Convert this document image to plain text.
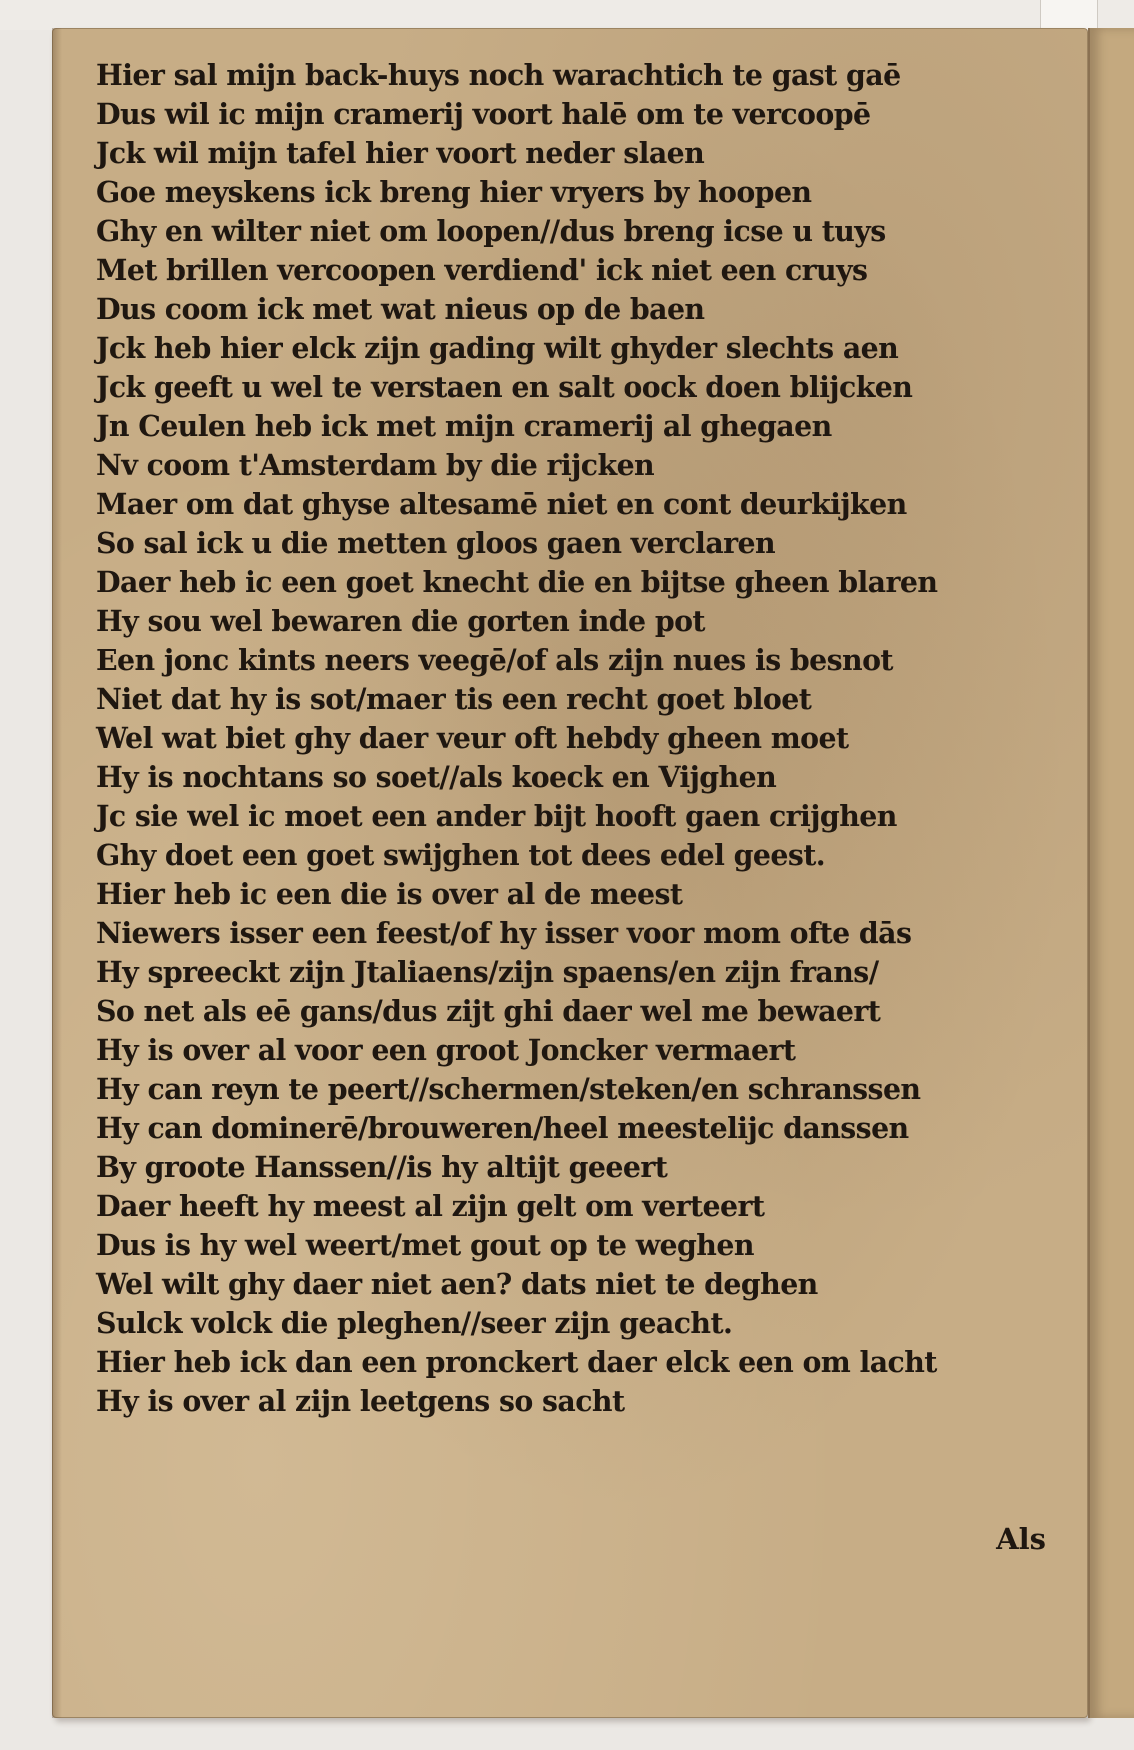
Hier sal mijn back-huys noch warachtich te gast gaē
Dus wil ic mijn cramerij voort halē om te vercoopē
Jck wil mijn tafel hier voort neder slaen
Goe meyskens ick breng hier vryers by hoopen
Ghy en wilter niet om loopen//dus breng icse u tuys
Met brillen vercoopen verdiend' ick niet een cruys
Dus coom ick met wat nieus op de baen
Jck heb hier elck zijn gading wilt ghyder slechts aen
Jck geeft u wel te verstaen en salt oock doen blijcken
Jn Ceulen heb ick met mijn cramerij al ghegaen
Nv coom t'Amsterdam by die rijcken
Maer om dat ghyse altesamē niet en cont deurkijken
So sal ick u die metten gloos gaen verclaren
Daer heb ic een goet knecht die en bijtse gheen blaren
Hy sou wel bewaren die gorten inde pot
Een jonc kints neers veegē/of als zijn nues is besnot
Niet dat hy is sot/maer tis een recht goet bloet
Wel wat biet ghy daer veur oft hebdy gheen moet
Hy is nochtans so soet//als koeck en Vijghen
Jc sie wel ic moet een ander bijt hooft gaen crijghen
Ghy doet een goet swijghen tot dees edel geest.
Hier heb ic een die is over al de meest
Niewers isser een feest/of hy isser voor mom ofte dās
Hy spreeckt zijn Jtaliaens/zijn spaens/en zijn frans/
So net als eē gans/dus zijt ghi daer wel me bewaert
Hy is over al voor een groot Joncker vermaert
Hy can reyn te peert//schermen/steken/en schranssen
Hy can dominerē/brouweren/heel meestelijc danssen
By groote Hanssen//is hy altijt geeert
Daer heeft hy meest al zijn gelt om verteert
Dus is hy wel weert/met gout op te weghen
Wel wilt ghy daer niet aen? dats niet te deghen
Sulck volck die pleghen//seer zijn geacht.
Hier heb ick dan een pronckert daer elck een om lacht
Hy is over al zijn leetgens so sacht
Als
